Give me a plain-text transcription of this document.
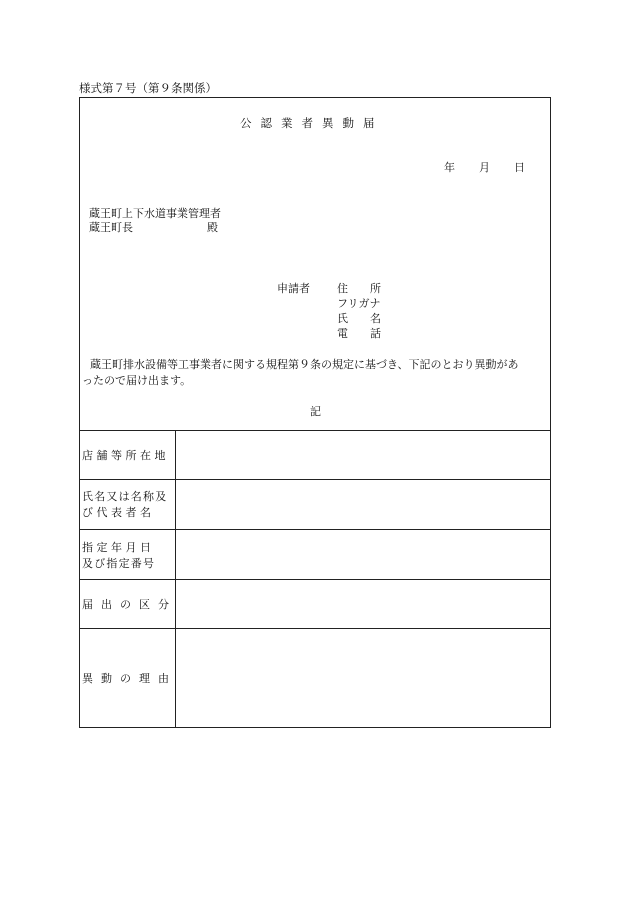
様式第７号（第９条関係）
公認業者異動届
年 月 日
蔵王町上下水道事業管理者
蔵王町長	殿
申請者 住　　所
フリガナ
氏　　名
電　　話
蔵王町排水設備等工事業者に関する規程第９条の規定に基づき、下記のとおり異動があ
ったので届け出ます。
記
店舗等所在地
氏名又は名称及
び 代 表 者 名
指 定 年 月 日
及び指定番号
届出の区分
異動の理由
